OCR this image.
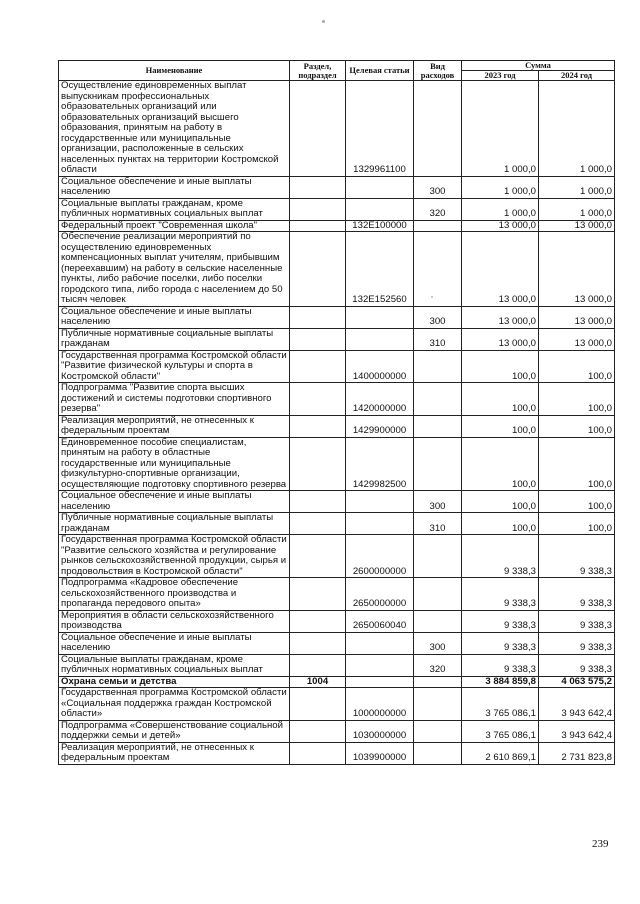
Наименование	Раздел, подраздел	Целевая статьи	Вид расходов	Сумма	
				2023 год	2024 год
Осуществление единовременных выплат выпускникам профессиональных образовательных организаций или образовательных организаций высшего образования, принятым на работу в государственные или муниципальные организации, расположенные в сельских населенных пунктах на территории Костромской области		1329961100		1 000,0	1 000,0
Социальное обеспечение и иные выплаты населению			300	1 000,0	1 000,0
Социальные выплаты гражданам, кроме публичных нормативных социальных выплат			320	1 000,0	1 000,0
Федеральный проект "Современная школа"		132Е100000		13 000,0	13 000,0
Обеспечение реализации мероприятий по осуществлению единовременных компенсационных выплат учителям, прибывшим (переехавшим) на работу в сельские населенные пункты, либо рабочие поселки, либо поселки городского типа, либо города с населением до 50 тысяч человек		132Е152560		13 000,0	13 000,0
Социальное обеспечение и иные выплаты населению			300	13 000,0	13 000,0
Публичные нормативные социальные выплаты гражданам			310	13 000,0	13 000,0
Государственная программа Костромской области "Развитие физической культуры и спорта в Костромской области"		1400000000		100,0	100,0
Подпрограмма "Развитие спорта высших достижений и системы подготовки спортивного резерва"		1420000000		100,0	100,0
Реализация мероприятий, не отнесенных к федеральным проектам		1429900000		100,0	100,0
Единовременное пособие специалистам, принятым на работу в областные государственные или муниципальные физкультурно-спортивные организации, осуществляющие подготовку спортивного резерва		1429982500		100,0	100,0
Социальное обеспечение и иные выплаты населению			300	100,0	100,0
Публичные нормативные социальные выплаты гражданам			310	100,0	100,0
Государственная программа Костромской области "Развитие сельского хозяйства и регулирование рынков сельскохозяйственной продукции, сырья и продовольствия в Костромской области"		2600000000		9 338,3	9 338,3
Подпрограмма «Кадровое обеспечение сельскохозяйственного производства и пропаганда передового опыта»		2650000000		9 338,3	9 338,3
Мероприятия в области сельскохозяйственного производства		2650060040		9 338,3	9 338,3
Социальное обеспечение и иные выплаты населению			300	9 338,3	9 338,3
Социальные выплаты гражданам, кроме публичных нормативных социальных выплат			320	9 338,3	9 338,3
Охрана семьи и детства	1004			3 884 859,8	4 063 575,2
Государственная программа Костромской области «Социальная поддержка граждан Костромской области»		1000000000		3 765 086,1	3 943 642,4
Подпрограмма «Совершенствование социальной поддержки семьи и детей»		1030000000		3 765 086,1	3 943 642,4
Реализация мероприятий, не отнесенных к федеральным проектам		1039900000		2 610 869,1	2 731 823,8
239
